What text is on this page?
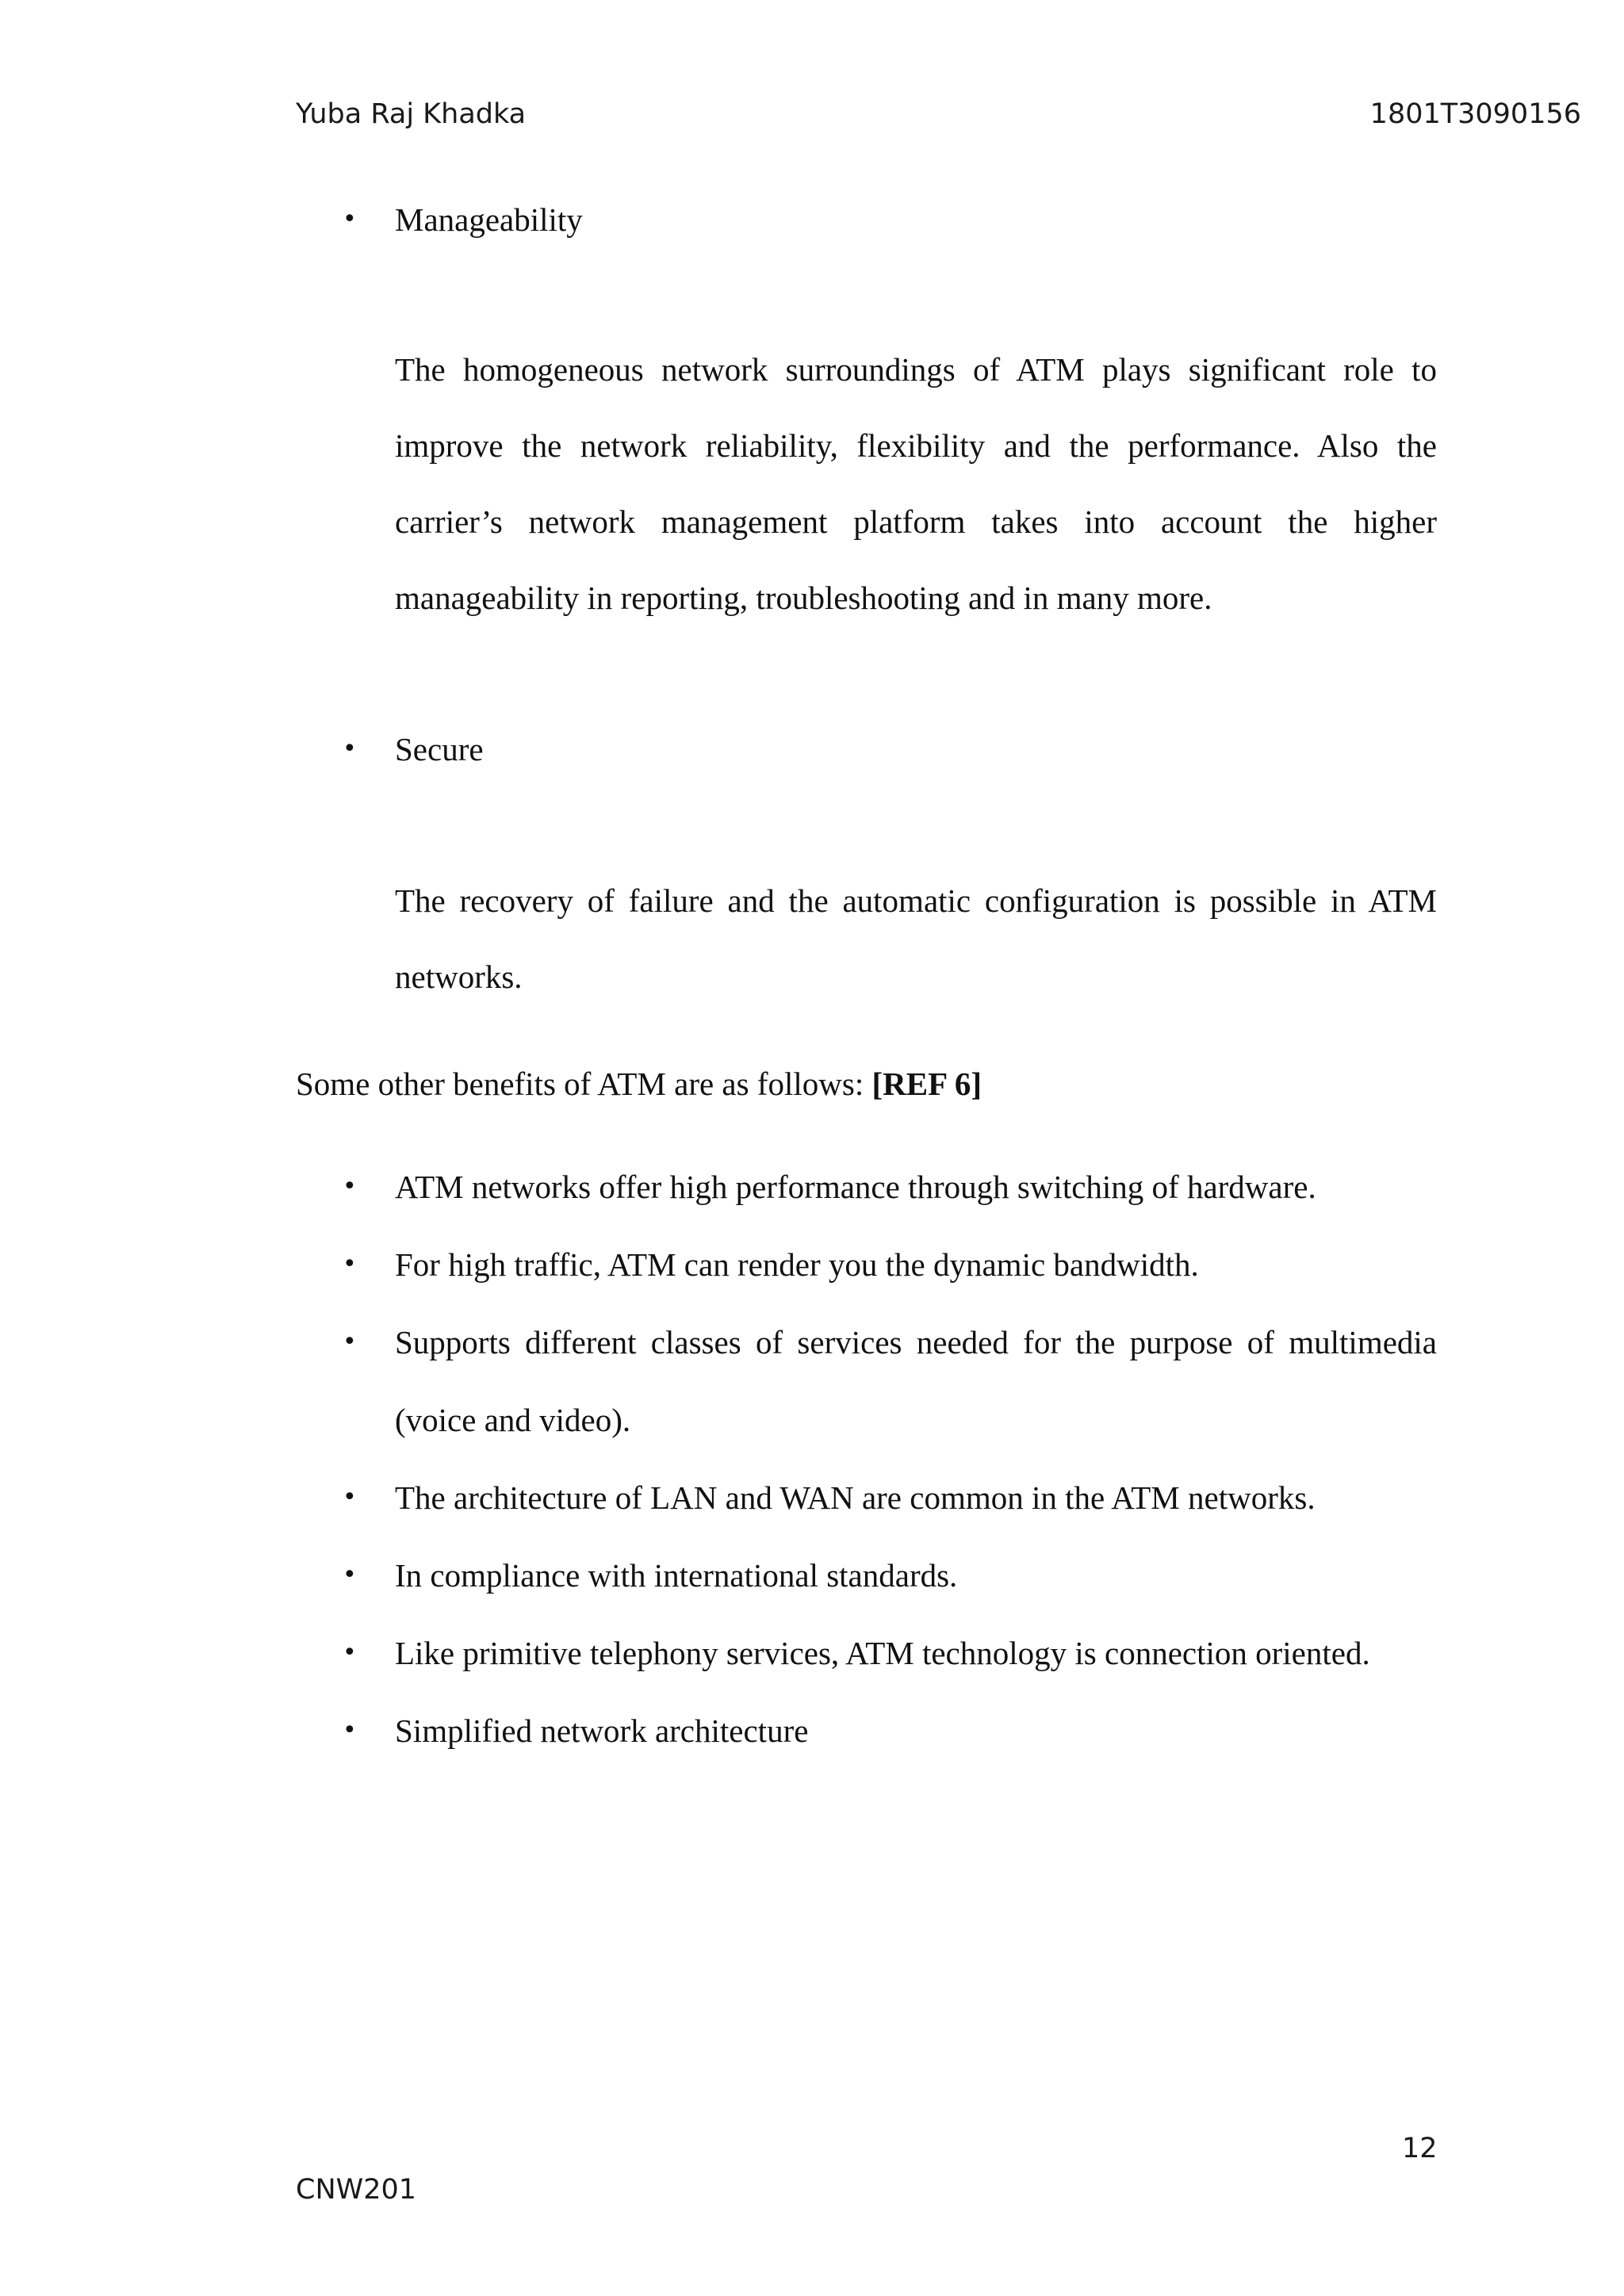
Yuba Raj Khadka	1801T3090156
• Manageability
The homogeneous network surroundings of ATM plays significant role to improve the network reliability, flexibility and the performance. Also the carrier’s network management platform takes into account the higher manageability in reporting, troubleshooting and in many more.
• Secure
The recovery of failure and the automatic configuration is possible in ATM networks.
Some other benefits of ATM are as follows: [REF 6]
• ATM networks offer high performance through switching of hardware.
• For high traffic, ATM can render you the dynamic bandwidth.
• Supports different classes of services needed for the purpose of multimedia (voice and video).
• The architecture of LAN and WAN are common in the ATM networks.
• In compliance with international standards.
• Like primitive telephony services, ATM technology is connection oriented.
• Simplified network architecture
12
CNW201
